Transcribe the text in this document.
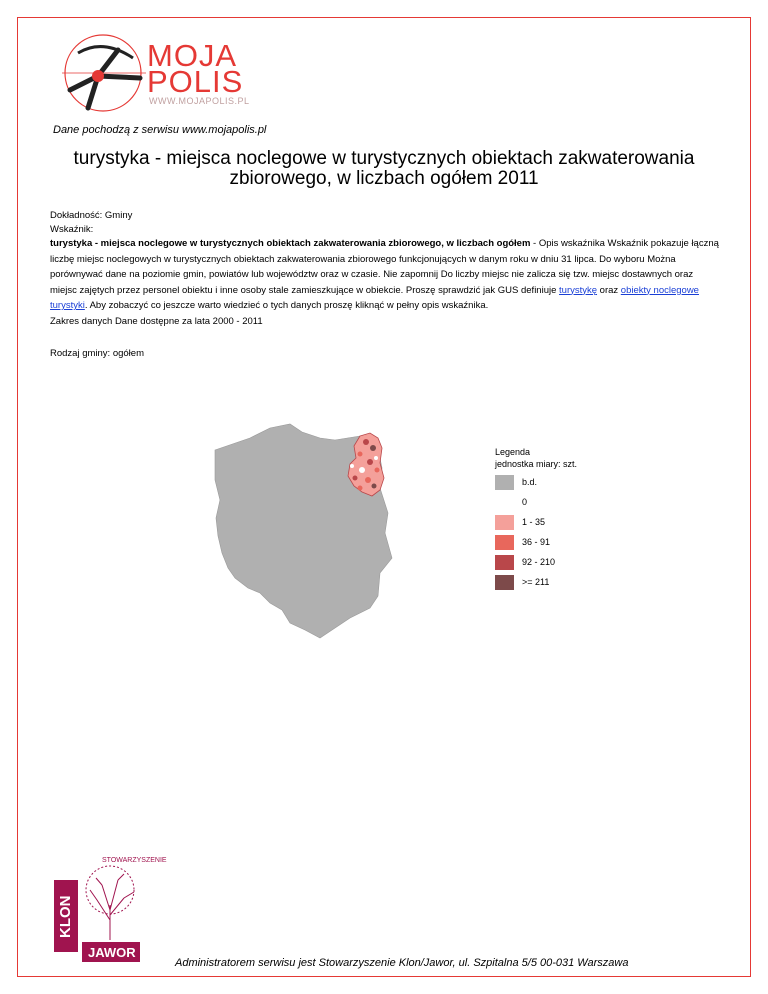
MOJA
POLIS
WWW.MOJAPOLIS.PL
Dane pochodzą z serwisu www.mojapolis.pl
turystyka - miejsca noclegowe w turystycznych obiektach zakwaterowania zbiorowego, w liczbach ogółem 2011
Dokładność: Gminy
Wskaźnik:
turystyka - miejsca noclegowe w turystycznych obiektach zakwaterowania zbiorowego, w liczbach ogółem - Opis wskaźnika Wskaźnik pokazuje łączną liczbę miejsc noclegowych w turystycznych obiektach zakwaterowania zbiorowego funkcjonujących w danym roku w dniu 31 lipca. Do wyboru Można porównywać dane na poziomie gmin, powiatów lub województw oraz w czasie. Nie zapomnij Do liczby miejsc nie zalicza się tzw. miejsc dostawnych oraz miejsc zajętych przez personel obiektu i inne osoby stale zamieszkujące w obiekcie. Proszę sprawdzić jak GUS definiuje turystykę oraz obiekty noclegowe turystyki. Aby zobaczyć co jeszcze warto wiedzieć o tych danych proszę kliknąć w pełny opis wskaźnika.
Zakres danych Dane dostępne za lata 2000 - 2011
Rodzaj gminy: ogółem
Legenda
jednostka miary: szt.
b.d.
0
1 - 35
36 - 91
92 - 210
>= 211
KLON
JAWOR
STOWARZYSZENIE
Administratorem serwisu jest Stowarzyszenie Klon/Jawor, ul. Szpitalna 5/5 00-031 Warszawa
